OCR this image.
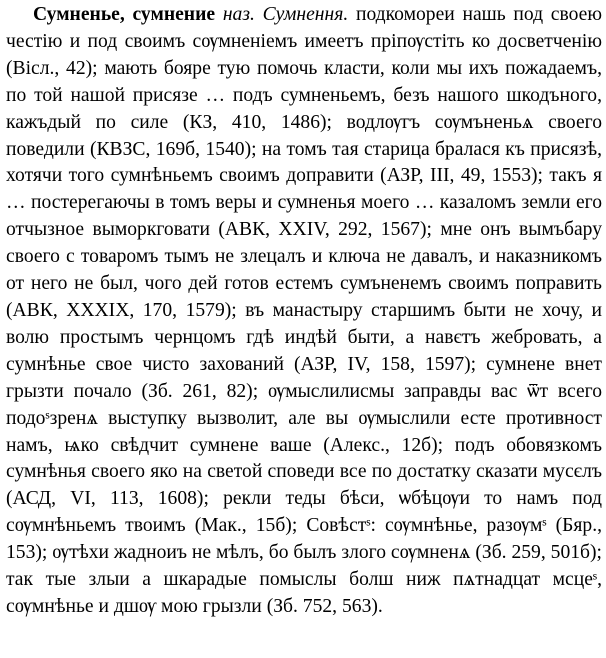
Сумненье, сумнение наз. Сумнення. подкомореи нашь под своею честію и под своимъ сѹмненіемъ имеетъ пріпѹстіть ко досветченію (Вісл., 42); мають бояре тую помочь класти, коли мы ихъ пожадаемъ, по той нашой присязе … подъ сумненьемъ, безъ нашого шкодъного, кажъдый по силе (КЗ, 410, 1486); водлѹгъ сѹмъненьѧ своего поведили (КВЗС, 169б, 1540); на томъ тая старица бралася къ присязѣ, хотячи того сумнѣньемъ своимъ доправити (АЗР, III, 49, 1553); такъ я … постерегаючы в томъ веры и сумненья моего … казаломъ земли его отчызное выморкговати (АВК, XXIV, 292, 1567); мне онъ вымъбару своего с товаромъ тымъ не злецалъ и ключа не давалъ, и наказникомъ от него не был, чого дей готов естемъ сумъненемъ своимъ поправить (АВК, XXXIX, 170, 1579); въ манастыру старшимъ быти не хочу, и волю простымъ чернцомъ гдѣ индѣй быти, а навєтъ жебровать, а сумнѣнье свое чисто захований (АЗР, IV, 158, 1597); сумнене внет грызти почало (Зб. 261, 82); ѹмыслилисмы заправды вас ѿт всего подоˢзренѧ выступку вызволит, але вы ѹмыслили есте противност намъ, ѩко свѣдчит сумнене ваше (Алекс., 12б); подъ обовязкомъ сумнѣнья своего яко на светой споведи все по достатку сказати мусєлъ (АСД, VI, 113, 1608); рекли теды бѣси, ѡбѣцѹи то намъ под сѹмнѣньемъ твоимъ (Мак., 15б); Совѣстˢ: сѹмнѣнье, разѹмˢ (Бяр., 153); ѹтѣхи жадноиъ не мѣлъ, бо былъ злого сѹмненѧ (Зб. 259, 501б); так тые злыи а шкарадые помыслы болш ниж пѧтнадцат мсцеˢ, сѹмнѣнье и дшѹ мою грызли (Зб. 752, 563).
